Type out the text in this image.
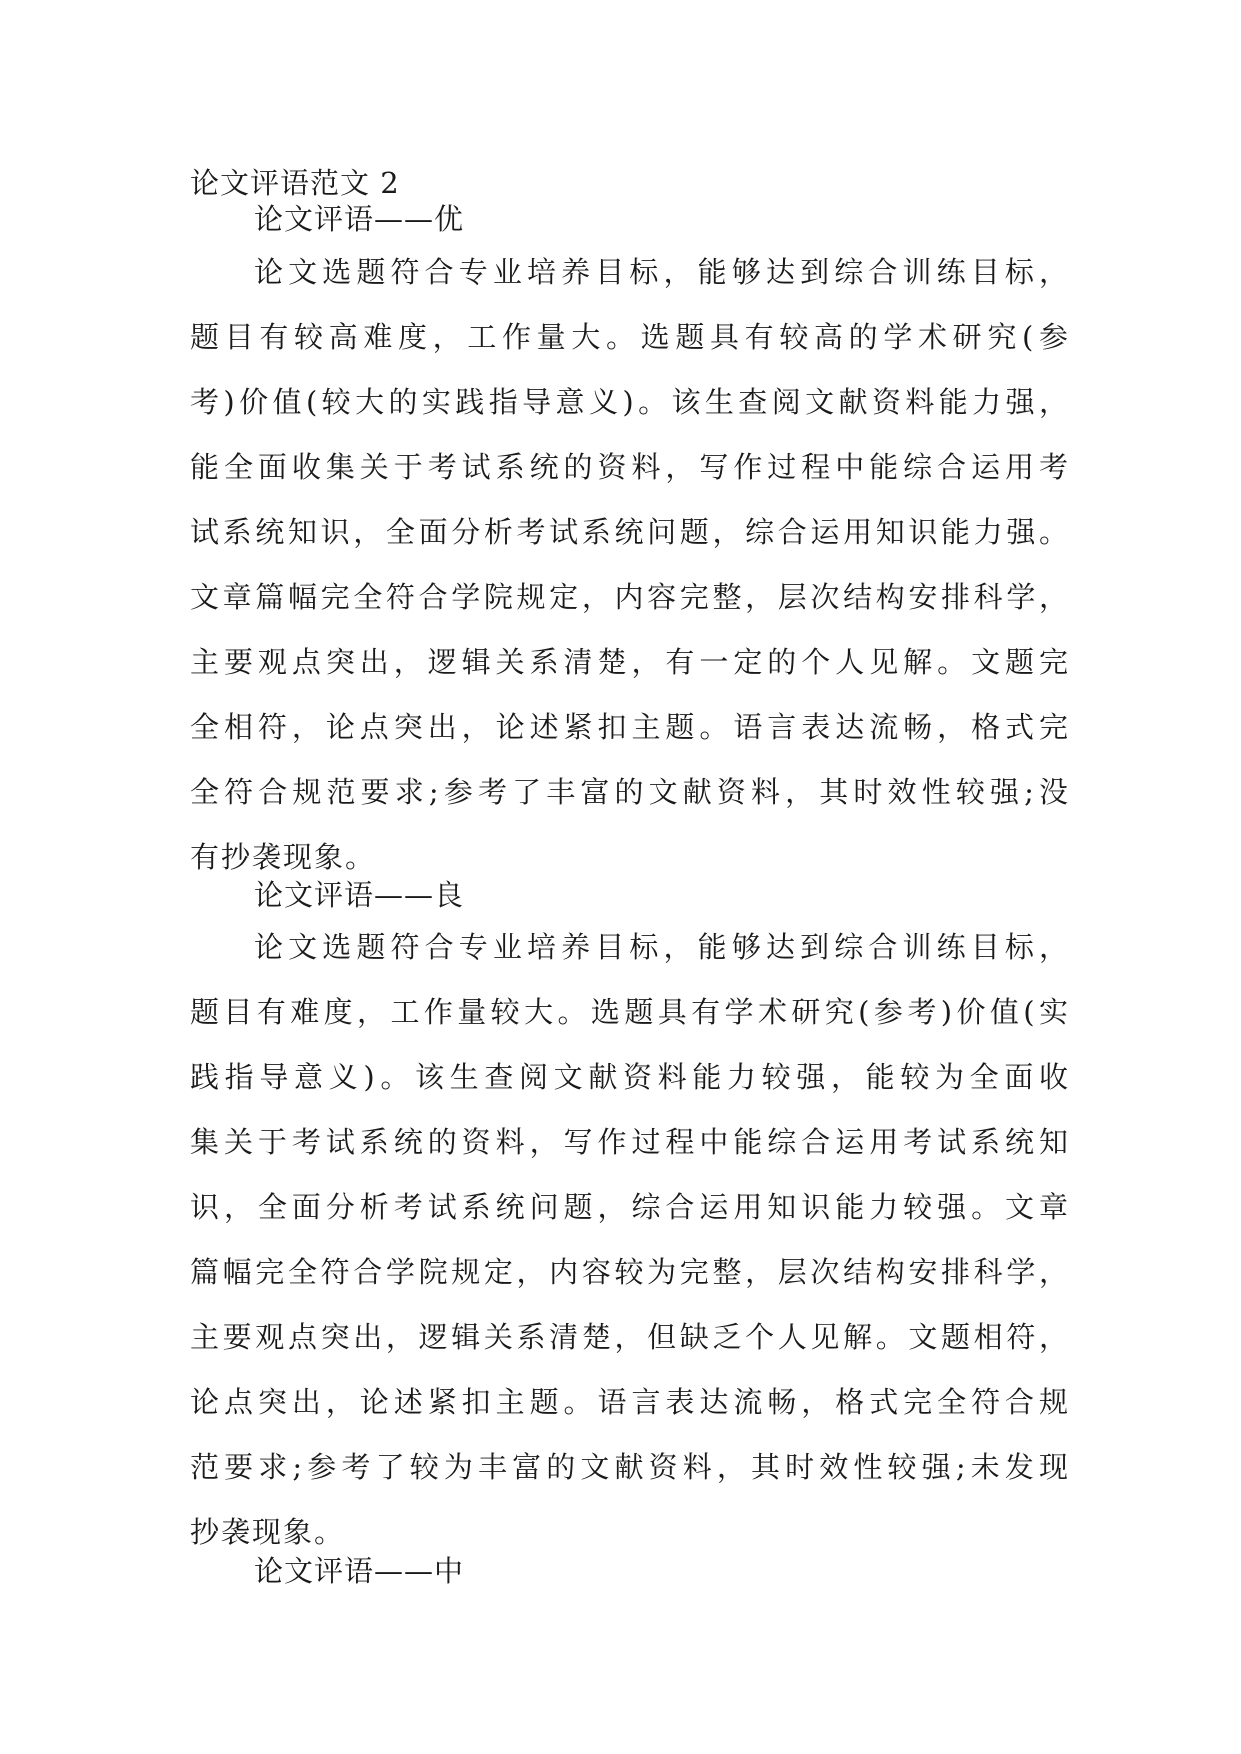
论文评语范文 2
论文评语——优
论文选题符合专业培养目标，能够达到综合训练目标，
题目有较高难度，工作量大。选题具有较高的学术研究(参
考)价值(较大的实践指导意义)。该生查阅文献资料能力强，
能全面收集关于考试系统的资料，写作过程中能综合运用考
试系统知识，全面分析考试系统问题，综合运用知识能力强。
文章篇幅完全符合学院规定，内容完整，层次结构安排科学，
主要观点突出，逻辑关系清楚，有一定的个人见解。文题完
全相符，论点突出，论述紧扣主题。语言表达流畅，格式完
全符合规范要求;参考了丰富的文献资料，其时效性较强;没
有抄袭现象。
论文评语——良
论文选题符合专业培养目标，能够达到综合训练目标，
题目有难度，工作量较大。选题具有学术研究(参考)价值(实
践指导意义)。该生查阅文献资料能力较强，能较为全面收
集关于考试系统的资料，写作过程中能综合运用考试系统知
识，全面分析考试系统问题，综合运用知识能力较强。文章
篇幅完全符合学院规定，内容较为完整，层次结构安排科学，
主要观点突出，逻辑关系清楚，但缺乏个人见解。文题相符，
论点突出，论述紧扣主题。语言表达流畅，格式完全符合规
范要求;参考了较为丰富的文献资料，其时效性较强;未发现
抄袭现象。
论文评语——中
